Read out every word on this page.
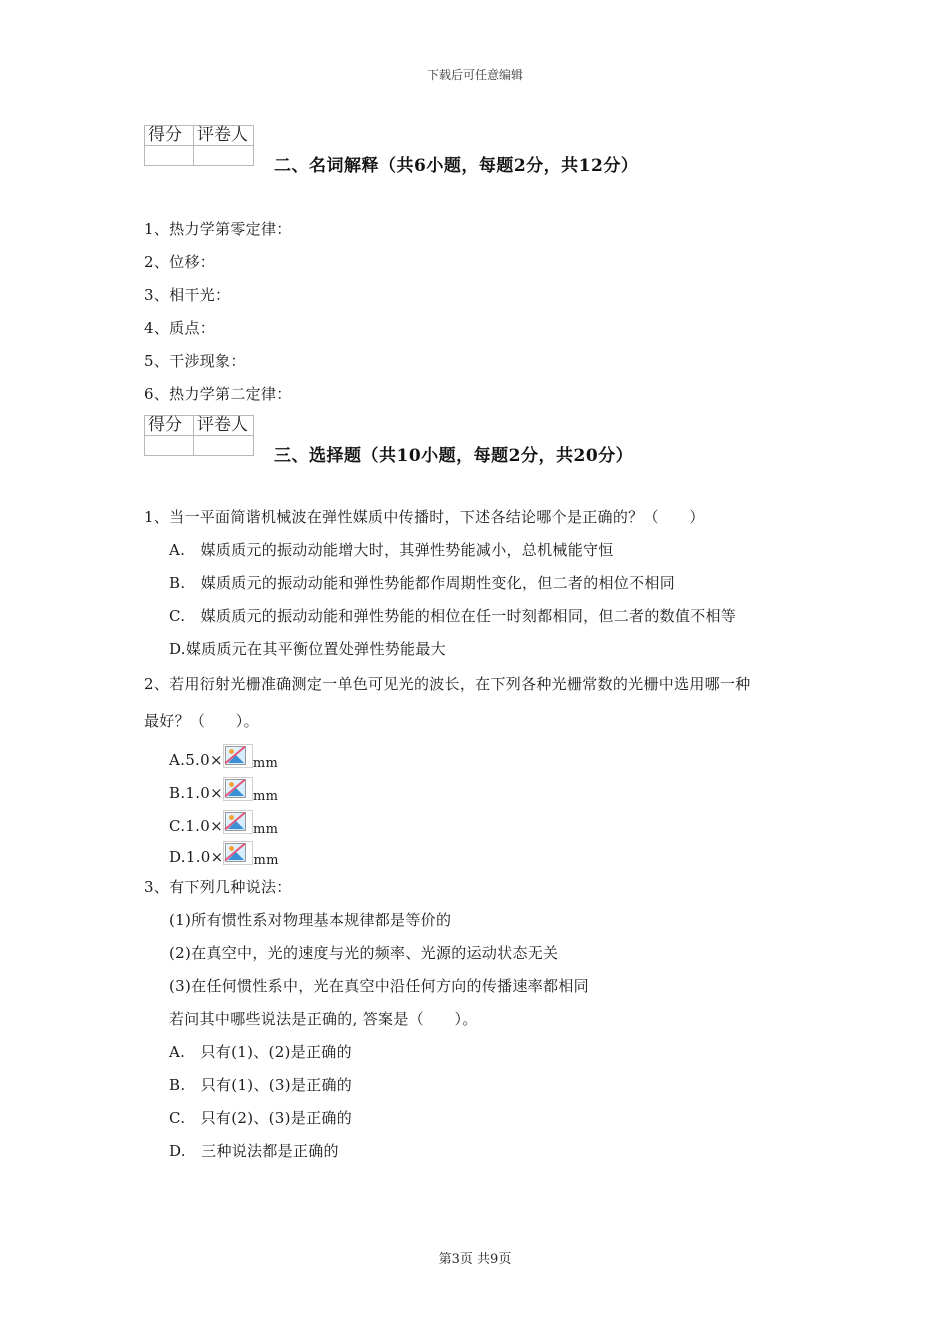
下载后可任意编辑
得分	评卷人

二、名词解释（共6小题，每题2分，共12分）
1、热力学第零定律：
2、位移：
3、相干光：
4、质点：
5、干涉现象：
6、热力学第二定律：
得分	评卷人

三、选择题（共10小题，每题2分，共20分）
1、当一平面简谐机械波在弹性媒质中传播时，下述各结论哪个是正确的？（　　）
A.　媒质质元的振动动能增大时，其弹性势能减小，总机械能守恒
B.　媒质质元的振动动能和弹性势能都作周期性变化，但二者的相位不相同
C.　媒质质元的振动动能和弹性势能的相位在任一时刻都相同，但二者的数值不相等
D.媒质质元在其平衡位置处弹性势能最大
2、若用衍射光栅准确测定一单色可见光的波长，在下列各种光栅常数的光栅中选用哪一种
最好？（　　）。
A.5.0× mm
B.1.0× mm
C.1.0× mm
D.1.0× mm
3、有下列几种说法：
(1)所有惯性系对物理基本规律都是等价的
(2)在真空中，光的速度与光的频率、光源的运动状态无关
(3)在任何惯性系中，光在真空中沿任何方向的传播速率都相同
若问其中哪些说法是正确的, 答案是（　　）。
A.　只有(1)、(2)是正确的
B.　只有(1)、(3)是正确的
C.　只有(2)、(3)是正确的
D.　三种说法都是正确的
第3页 共9页
